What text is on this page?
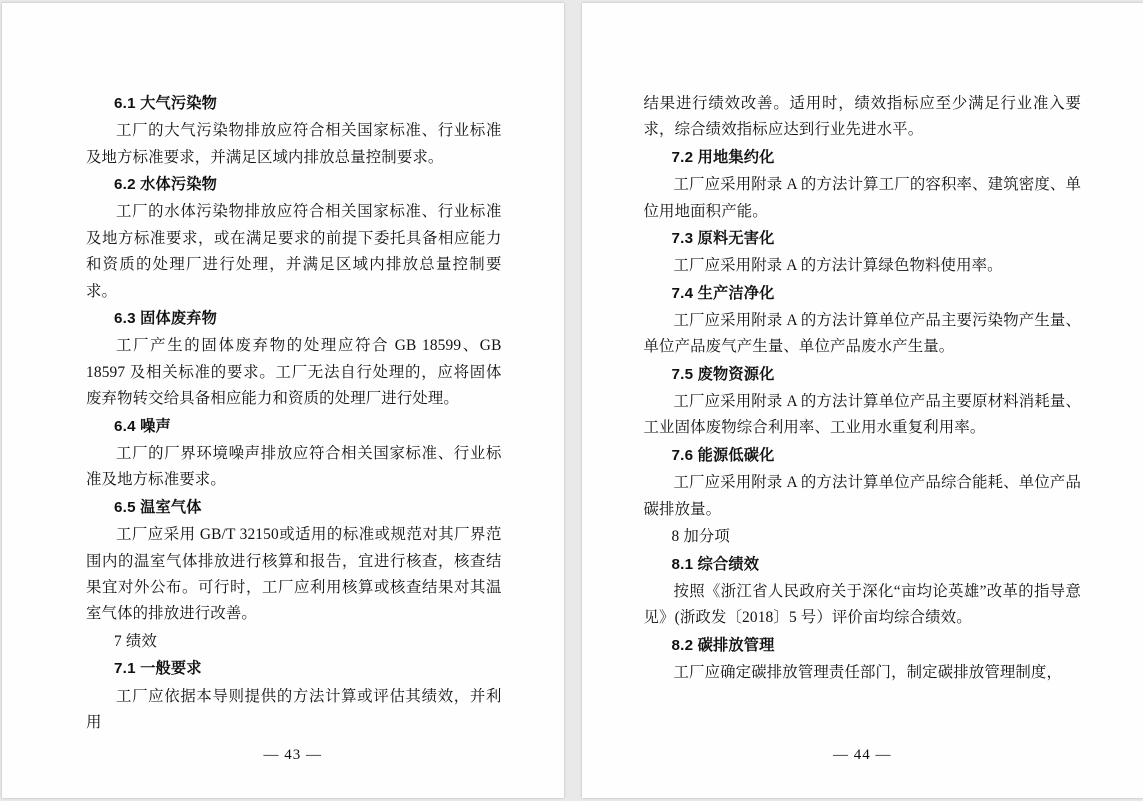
6.1 大气污染物
工厂的大气污染物排放应符合相关国家标准、行业标准及地方标准要求，并满足区域内排放总量控制要求。
6.2 水体污染物
工厂的水体污染物排放应符合相关国家标准、行业标准及地方标准要求，或在满足要求的前提下委托具备相应能力和资质的处理厂进行处理，并满足区域内排放总量控制要求。
6.3 固体废弃物
工厂产生的固体废弃物的处理应符合 GB 18599、GB 18597 及相关标准的要求。工厂无法自行处理的，应将固体废弃物转交给具备相应能力和资质的处理厂进行处理。
6.4 噪声
工厂的厂界环境噪声排放应符合相关国家标准、行业标准及地方标准要求。
6.5 温室气体
工厂应采用 GB/T 32150或适用的标准或规范对其厂界范围内的温室气体排放进行核算和报告，宜进行核查，核查结果宜对外公布。可行时，工厂应利用核算或核查结果对其温室气体的排放进行改善。
7 绩效
7.1 一般要求
工厂应依据本导则提供的方法计算或评估其绩效，并利用
— 43 —
结果进行绩效改善。适用时，绩效指标应至少满足行业准入要求，综合绩效指标应达到行业先进水平。
7.2 用地集约化
工厂应采用附录 A 的方法计算工厂的容积率、建筑密度、单位用地面积产能。
7.3 原料无害化
工厂应采用附录 A 的方法计算绿色物料使用率。
7.4 生产洁净化
工厂应采用附录 A 的方法计算单位产品主要污染物产生量、单位产品废气产生量、单位产品废水产生量。
7.5 废物资源化
工厂应采用附录 A 的方法计算单位产品主要原材料消耗量、工业固体废物综合利用率、工业用水重复利用率。
7.6 能源低碳化
工厂应采用附录 A 的方法计算单位产品综合能耗、单位产品碳排放量。
8 加分项
8.1 综合绩效
按照《浙江省人民政府关于深化“亩均论英雄”改革的指导意见》(浙政发〔2018〕5 号）评价亩均综合绩效。
8.2 碳排放管理
工厂应确定碳排放管理责任部门，制定碳排放管理制度，
— 44 —
